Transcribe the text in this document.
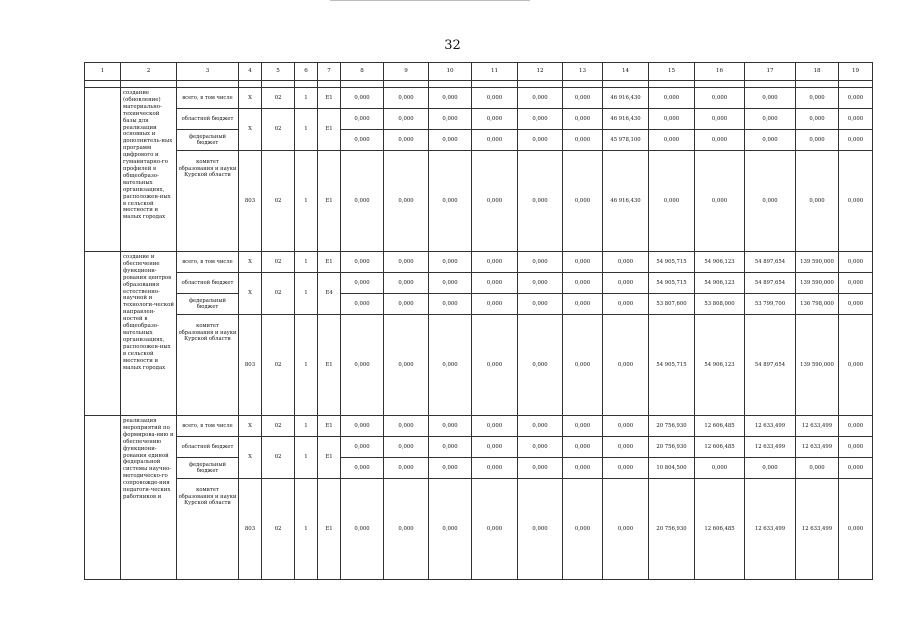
32
1	2	3	4	5	6	7	8	9	10	11	12	13	14	15	16	17	18	19

	создание (обновление) материально-технической базы для реализации основных и дополнитель-ных программ цифрового и гуманитарно-го профилей в общеобразо-вательных организациях, расположен-ных в сельской местности и малых городах	всего, в том числе	Х	02	1	Е1	0,000	0,000	0,000	0,000	0,000	0,000	46 916,430	0,000	0,000	0,000	0,000	0,000
		областной бюджет	Х	02	1	Е1	0,000	0,000	0,000	0,000	0,000	0,000	46 916,430	0,000	0,000	0,000	0,000	0,000
		федеральный бюджет					0,000	0,000	0,000	0,000	0,000	0,000	45 978,100	0,000	0,000	0,000	0,000	0,000
		комитет образования и науки Курской области	803	02	1	Е1	0,000	0,000	0,000	0,000	0,000	0,000	46 916,430	0,000	0,000	0,000	0,000	0,000
	создание и обеспечение функциони-рования центров образования естественно-научной и технологи-ческой направлен-ностей в общеобразо-вательных организациях, расположен-ных в сельской местности и малых городах	всего, в том числе	Х	02	1	Е1	0,000	0,000	0,000	0,000	0,000	0,000	0,000	54 905,715	54 906,123	54 897,654	139 590,000	0,000
		областной бюджет	Х	02	1	Е4	0,000	0,000	0,000	0,000	0,000	0,000	0,000	54 905,715	54 906,123	54 897,654	139 590,000	0,000
		федеральный бюджет					0,000	0,000	0,000	0,000	0,000	0,000	0,000	53 807,600	53 808,000	53 799,700	136 798,000	0,000
		комитет образования и науки Курской области	803	02	1	Е1	0,000	0,000	0,000	0,000	0,000	0,000	0,000	54 905,715	54 906,123	54 897,654	139 590,000	0,000
	реализация мероприятий по формирова-нию и обеспечению функциони-рования единой федеральной системы научно-методическо-го сопровожде-ния педагоги-ческих работников и	всего, в том числе	Х	02	1	Е1	0,000	0,000	0,000	0,000	0,000	0,000	0,000	20 756,930	12 606,485	12 633,499	12 633,499	0,000
		областной бюджет	Х	02	1	Е1	0,000	0,000	0,000	0,000	0,000	0,000	0,000	20 756,930	12 606,485	12 633,499	12 633,499	0,000
		федеральный бюджет					0,000	0,000	0,000	0,000	0,000	0,000	0,000	10 804,500	0,000	0,000	0,000	0,000
		комитет образования и науки Курской области	803	02	1	Е1	0,000	0,000	0,000	0,000	0,000	0,000	0,000	20 756,930	12 606,485	12 633,499	12 633,499	0,000
